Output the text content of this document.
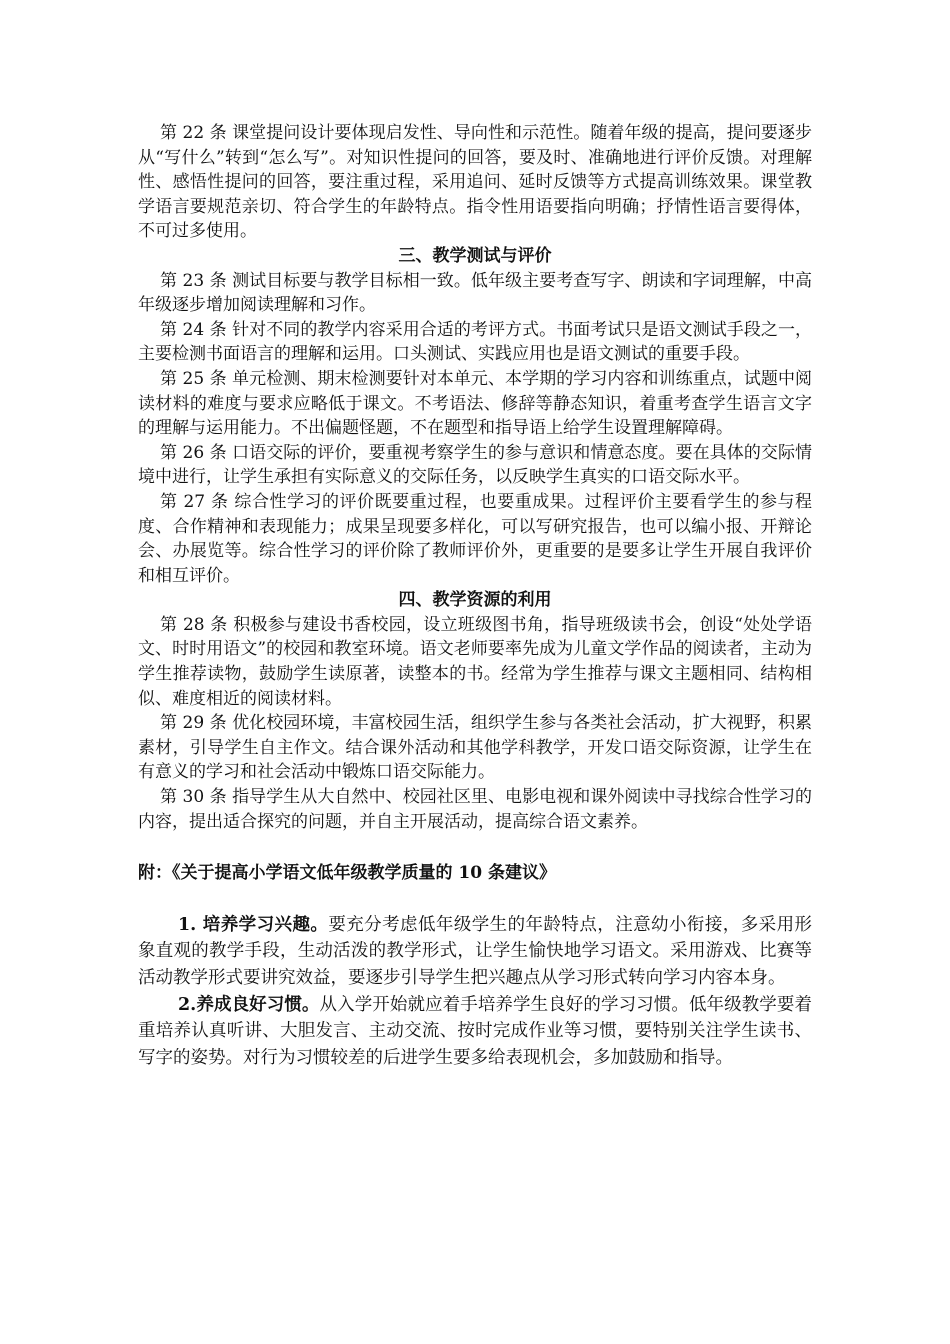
第 22 条 课堂提问设计要体现启发性、导向性和示范性。随着年级的提高，提问要逐步从“写什么”转到“怎么写”。对知识性提问的回答，要及时、准确地进行评价反馈。对理解性、感悟性提问的回答，要注重过程，采用追问、延时反馈等方式提高训练效果。课堂教学语言要规范亲切、符合学生的年龄特点。指令性用语要指向明确；抒情性语言要得体，不可过多使用。

三、教学测试与评价

第 23 条 测试目标要与教学目标相一致。低年级主要考查写字、朗读和字词理解，中高年级逐步增加阅读理解和习作。

第 24 条 针对不同的教学内容采用合适的考评方式。书面考试只是语文测试手段之一，主要检测书面语言的理解和运用。口头测试、实践应用也是语文测试的重要手段。

第 25 条 单元检测、期末检测要针对本单元、本学期的学习内容和训练重点，试题中阅读材料的难度与要求应略低于课文。不考语法、修辞等静态知识，着重考查学生语言文字的理解与运用能力。不出偏题怪题，不在题型和指导语上给学生设置理解障碍。

第 26 条 口语交际的评价，要重视考察学生的参与意识和情意态度。要在具体的交际情境中进行，让学生承担有实际意义的交际任务，以反映学生真实的口语交际水平。

第 27 条 综合性学习的评价既要重过程，也要重成果。过程评价主要看学生的参与程度、合作精神和表现能力；成果呈现要多样化，可以写研究报告，也可以编小报、开辩论会、办展览等。综合性学习的评价除了教师评价外，更重要的是要多让学生开展自我评价和相互评价。

四、教学资源的利用

第 28 条 积极参与建设书香校园，设立班级图书角，指导班级读书会，创设“处处学语文、时时用语文”的校园和教室环境。语文老师要率先成为儿童文学作品的阅读者，主动为学生推荐读物，鼓励学生读原著，读整本的书。经常为学生推荐与课文主题相同、结构相似、难度相近的阅读材料。

第 29 条 优化校园环境，丰富校园生活，组织学生参与各类社会活动，扩大视野，积累素材，引导学生自主作文。结合课外活动和其他学科教学，开发口语交际资源，让学生在有意义的学习和社会活动中锻炼口语交际能力。

第 30 条 指导学生从大自然中、校园社区里、电影电视和课外阅读中寻找综合性学习的内容，提出适合探究的问题，并自主开展活动，提高综合语文素养。

附：《关于提高小学语文低年级教学质量的 10 条建议》

1. 培养学习兴趣。要充分考虑低年级学生的年龄特点，注意幼小衔接，多采用形象直观的教学手段，生动活泼的教学形式，让学生愉快地学习语文。采用游戏、比赛等活动教学形式要讲究效益，要逐步引导学生把兴趣点从学习形式转向学习内容本身。

2.养成良好习惯。从入学开始就应着手培养学生良好的学习习惯。低年级教学要着重培养认真听讲、大胆发言、主动交流、按时完成作业等习惯，要特别关注学生读书、写字的姿势。对行为习惯较差的后进学生要多给表现机会，多加鼓励和指导。
